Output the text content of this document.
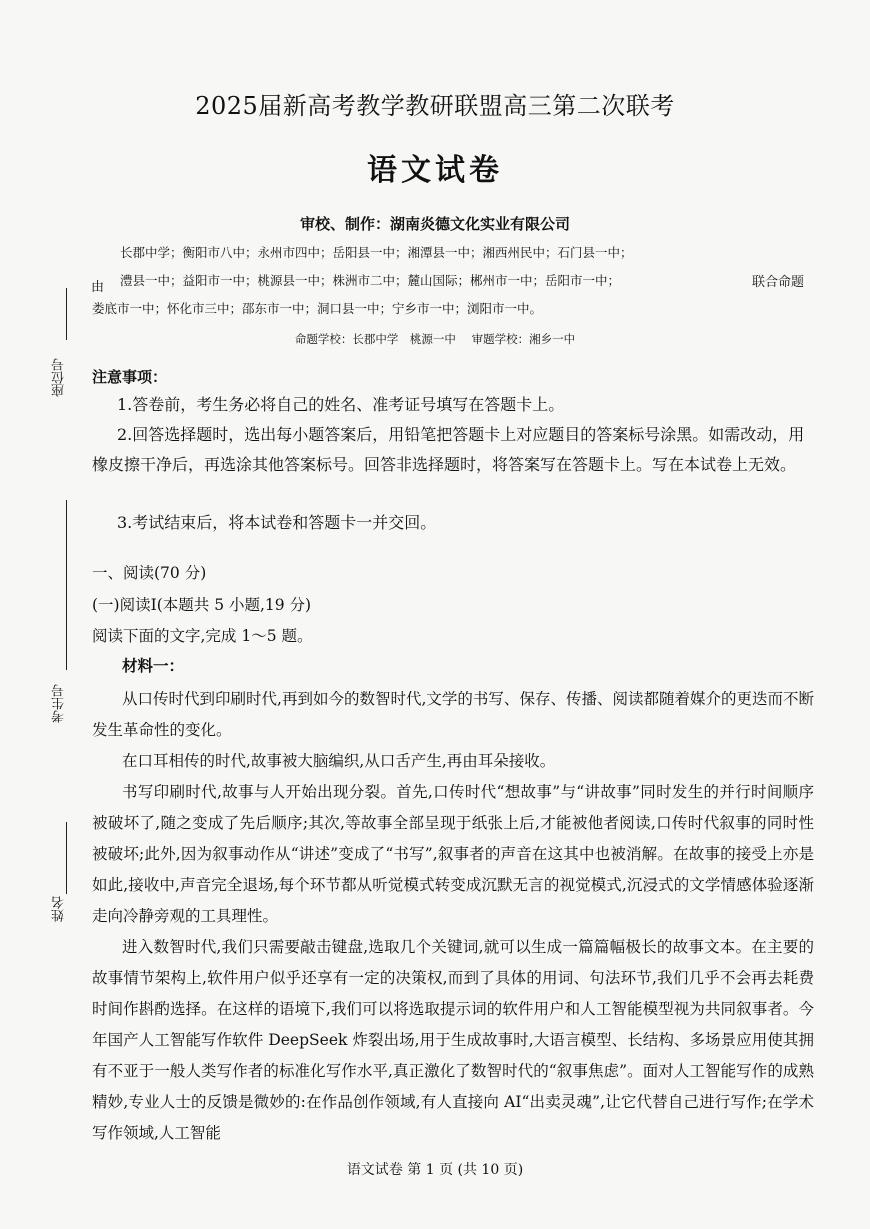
2025届新高考教学教研联盟高三第二次联考
语文试卷
审校、制作：湖南炎德文化实业有限公司
长郡中学；衡阳市八中；永州市四中；岳阳县一中；湘潭县一中；湘西州民中；石门县一中；
澧县一中；益阳市一中；桃源县一中；株洲市二中；麓山国际；郴州市一中；岳阳市一中；
娄底市一中；怀化市三中；邵东市一中；洞口县一中；宁乡市一中；浏阳市一中。
由	联合命题
命题学校：长郡中学　桃源一中 审题学校：湘乡一中
座位号
考生号
姓名
注意事项：
1.答卷前，考生务必将自己的姓名、准考证号填写在答题卡上。
2.回答选择题时，选出每小题答案后，用铅笔把答题卡上对应题目的答案标号涂黑。如需改动，用橡皮擦干净后，再选涂其他答案标号。回答非选择题时，将答案写在答题卡上。写在本试卷上无效。
3.考试结束后，将本试卷和答题卡一并交回。
一、阅读(70 分)
(一)阅读Ⅰ(本题共 5 小题,19 分)
阅读下面的文字,完成 1～5 题。
材料一：
从口传时代到印刷时代,再到如今的数智时代,文学的书写、保存、传播、阅读都随着媒介的更迭而不断发生革命性的变化。
在口耳相传的时代,故事被大脑编织,从口舌产生,再由耳朵接收。
书写印刷时代,故事与人开始出现分裂。首先,口传时代“想故事”与“讲故事”同时发生的并行时间顺序被破坏了,随之变成了先后顺序;其次,等故事全部呈现于纸张上后,才能被他者阅读,口传时代叙事的同时性被破坏;此外,因为叙事动作从“讲述”变成了“书写”,叙事者的声音在这其中也被消解。在故事的接受上亦是如此,接收中,声音完全退场,每个环节都从听觉模式转变成沉默无言的视觉模式,沉浸式的文学情感体验逐渐走向冷静旁观的工具理性。
进入数智时代,我们只需要敲击键盘,选取几个关键词,就可以生成一篇篇幅极长的故事文本。在主要的故事情节架构上,软件用户似乎还享有一定的决策权,而到了具体的用词、句法环节,我们几乎不会再去耗费时间作斟酌选择。在这样的语境下,我们可以将选取提示词的软件用户和人工智能模型视为共同叙事者。今年国产人工智能写作软件 DeepSeek 炸裂出场,用于生成故事时,大语言模型、长结构、多场景应用使其拥有不亚于一般人类写作者的标准化写作水平,真正激化了数智时代的“叙事焦虑”。面对人工智能写作的成熟精妙,专业人士的反馈是微妙的:在作品创作领域,有人直接向 AI“出卖灵魂”,让它代替自己进行写作;在学术写作领域,人工智能
语文试卷 第 1 页 (共 10 页)
